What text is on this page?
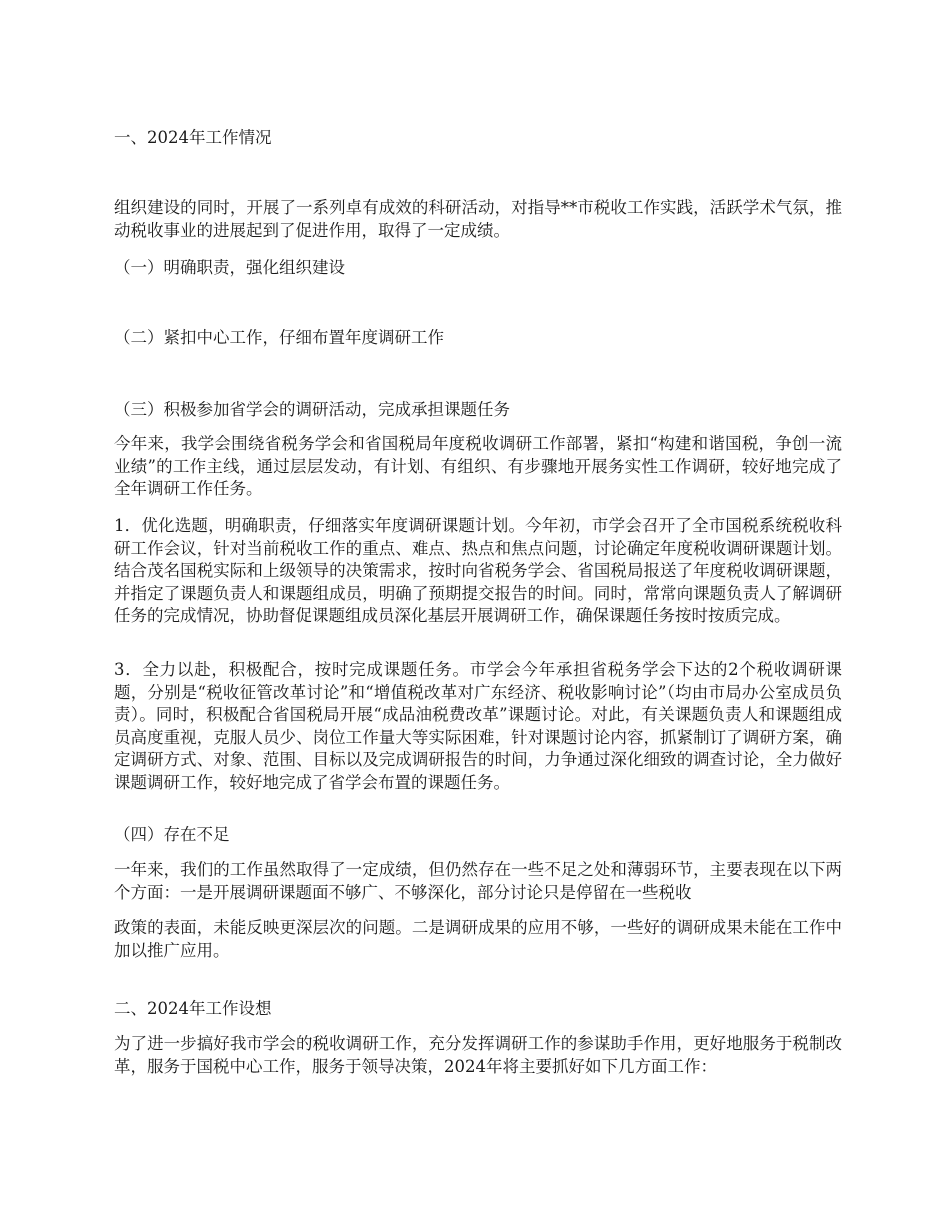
一、2024年工作情况
组织建设的同时，开展了一系列卓有成效的科研活动，对指导**市税收工作实践，活跃学术气氛，推动税收事业的进展起到了促进作用，取得了一定成绩。
（一）明确职责，强化组织建设
（二）紧扣中心工作，仔细布置年度调研工作
（三）积极参加省学会的调研活动，完成承担课题任务
今年来，我学会围绕省税务学会和省国税局年度税收调研工作部署，紧扣“构建和谐国税，争创一流业绩”的工作主线，通过层层发动，有计划、有组织、有步骤地开展务实性工作调研，较好地完成了全年调研工作任务。
1．优化选题，明确职责，仔细落实年度调研课题计划。今年初，市学会召开了全市国税系统税收科研工作会议，针对当前税收工作的重点、难点、热点和焦点问题，讨论确定年度税收调研课题计划。结合茂名国税实际和上级领导的决策需求，按时向省税务学会、省国税局报送了年度税收调研课题，并指定了课题负责人和课题组成员，明确了预期提交报告的时间。同时，常常向课题负责人了解调研任务的完成情况，协助督促课题组成员深化基层开展调研工作，确保课题任务按时按质完成。
3．全力以赴，积极配合，按时完成课题任务。市学会今年承担省税务学会下达的2个税收调研课题，分别是“税收征管改革讨论”和“增值税改革对广东经济、税收影响讨论”（均由市局办公室成员负责）。同时，积极配合省国税局开展“成品油税费改革”课题讨论。对此，有关课题负责人和课题组成员高度重视，克服人员少、岗位工作量大等实际困难，针对课题讨论内容，抓紧制订了调研方案，确定调研方式、对象、范围、目标以及完成调研报告的时间，力争通过深化细致的调查讨论，全力做好课题调研工作，较好地完成了省学会布置的课题任务。
（四）存在不足
一年来，我们的工作虽然取得了一定成绩，但仍然存在一些不足之处和薄弱环节，主要表现在以下两个方面：一是开展调研课题面不够广、不够深化，部分讨论只是停留在一些税收
政策的表面，未能反映更深层次的问题。二是调研成果的应用不够，一些好的调研成果未能在工作中加以推广应用。
二、2024年工作设想
为了进一步搞好我市学会的税收调研工作，充分发挥调研工作的参谋助手作用，更好地服务于税制改革，服务于国税中心工作，服务于领导决策，2024年将主要抓好如下几方面工作：
